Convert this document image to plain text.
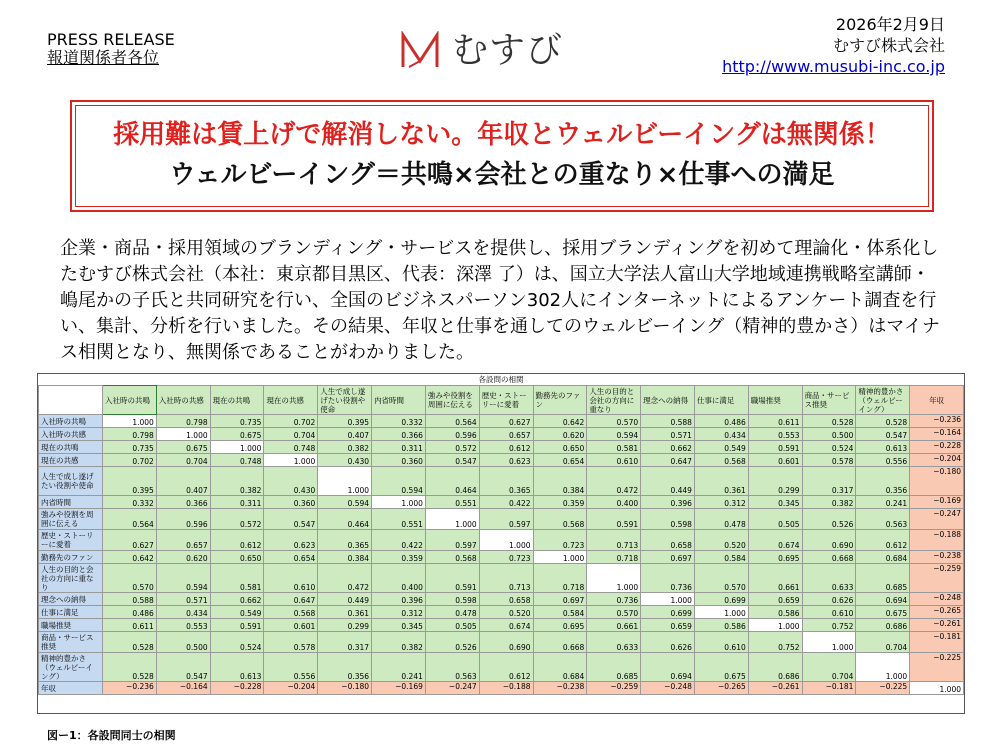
PRESS RELEASE
報道関係者各位	むすび
2026年2月9日
むすび株式会社
http://www.musubi-inc.co.jp
採用難は賃上げで解消しない。年収とウェルビーイングは無関係！
ウェルビーイング＝共鳴×会社との重なり×仕事への満足
企業・商品・採用領域のブランディング・サービスを提供し、採用ブランディングを初めて理論化・体系化したむすび株式会社（本社：東京都目黒区、代表：深澤 了）は、国立大学法人富山大学地域連携戦略室講師・嶋尾かの子氏と共同研究を行い、全国のビジネスパーソン302人にインターネットによるアンケート調査を行い、集計、分析を行いました。その結果、年収と仕事を通してのウェルビーイング（精神的豊かさ）はマイナス相関となり、無関係であることがわかりました。
各設問の相関																
	入社時の共鳴	入社時の共感	現在の共鳴	現在の共感	人生で成し遂げたい役割や使命	内省時間	強みや役割を周囲に伝える	歴史・ストーリーに愛着	勤務先のファン	人生の目的と会社の方向に重なり	理念への納得	仕事に満足	職場推奨	商品・サービス推奨	精神的豊かさ（ウェルビーイング）	年収
入社時の共鳴	1.000	0.798	0.735	0.702	0.395	0.332	0.564	0.627	0.642	0.570	0.588	0.486	0.611	0.528	0.528	−0.236
入社時の共感	0.798	1.000	0.675	0.704	0.407	0.366	0.596	0.657	0.620	0.594	0.571	0.434	0.553	0.500	0.547	−0.164
現在の共鳴	0.735	0.675	1.000	0.748	0.382	0.311	0.572	0.612	0.650	0.581	0.662	0.549	0.591	0.524	0.613	−0.228
現在の共感	0.702	0.704	0.748	1.000	0.430	0.360	0.547	0.623	0.654	0.610	0.647	0.568	0.601	0.578	0.556	−0.204
人生で成し遂げたい役割や使命	0.395	0.407	0.382	0.430	1.000	0.594	0.464	0.365	0.384	0.472	0.449	0.361	0.299	0.317	0.356	−0.180
内省時間	0.332	0.366	0.311	0.360	0.594	1.000	0.551	0.422	0.359	0.400	0.396	0.312	0.345	0.382	0.241	−0.169
強みや役割を周囲に伝える	0.564	0.596	0.572	0.547	0.464	0.551	1.000	0.597	0.568	0.591	0.598	0.478	0.505	0.526	0.563	−0.247
歴史・ストーリーに愛着	0.627	0.657	0.612	0.623	0.365	0.422	0.597	1.000	0.723	0.713	0.658	0.520	0.674	0.690	0.612	−0.188
勤務先のファン	0.642	0.620	0.650	0.654	0.384	0.359	0.568	0.723	1.000	0.718	0.697	0.584	0.695	0.668	0.684	−0.238
人生の目的と会社の方向に重なり	0.570	0.594	0.581	0.610	0.472	0.400	0.591	0.713	0.718	1.000	0.736	0.570	0.661	0.633	0.685	−0.259
理念への納得	0.588	0.571	0.662	0.647	0.449	0.396	0.598	0.658	0.697	0.736	1.000	0.699	0.659	0.626	0.694	−0.248
仕事に満足	0.486	0.434	0.549	0.568	0.361	0.312	0.478	0.520	0.584	0.570	0.699	1.000	0.586	0.610	0.675	−0.265
職場推奨	0.611	0.553	0.591	0.601	0.299	0.345	0.505	0.674	0.695	0.661	0.659	0.586	1.000	0.752	0.686	−0.261
商品・サービス推奨	0.528	0.500	0.524	0.578	0.317	0.382	0.526	0.690	0.668	0.633	0.626	0.610	0.752	1.000	0.704	−0.181
精神的豊かさ（ウェルビーイング）	0.528	0.547	0.613	0.556	0.356	0.241	0.563	0.612	0.684	0.685	0.694	0.675	0.686	0.704	1.000	−0.225
年収	−0.236	−0.164	−0.228	−0.204	−0.180	−0.169	−0.247	−0.188	−0.238	−0.259	−0.248	−0.265	−0.261	−0.181	−0.225	1.000
図ー1：各設問同士の相関
